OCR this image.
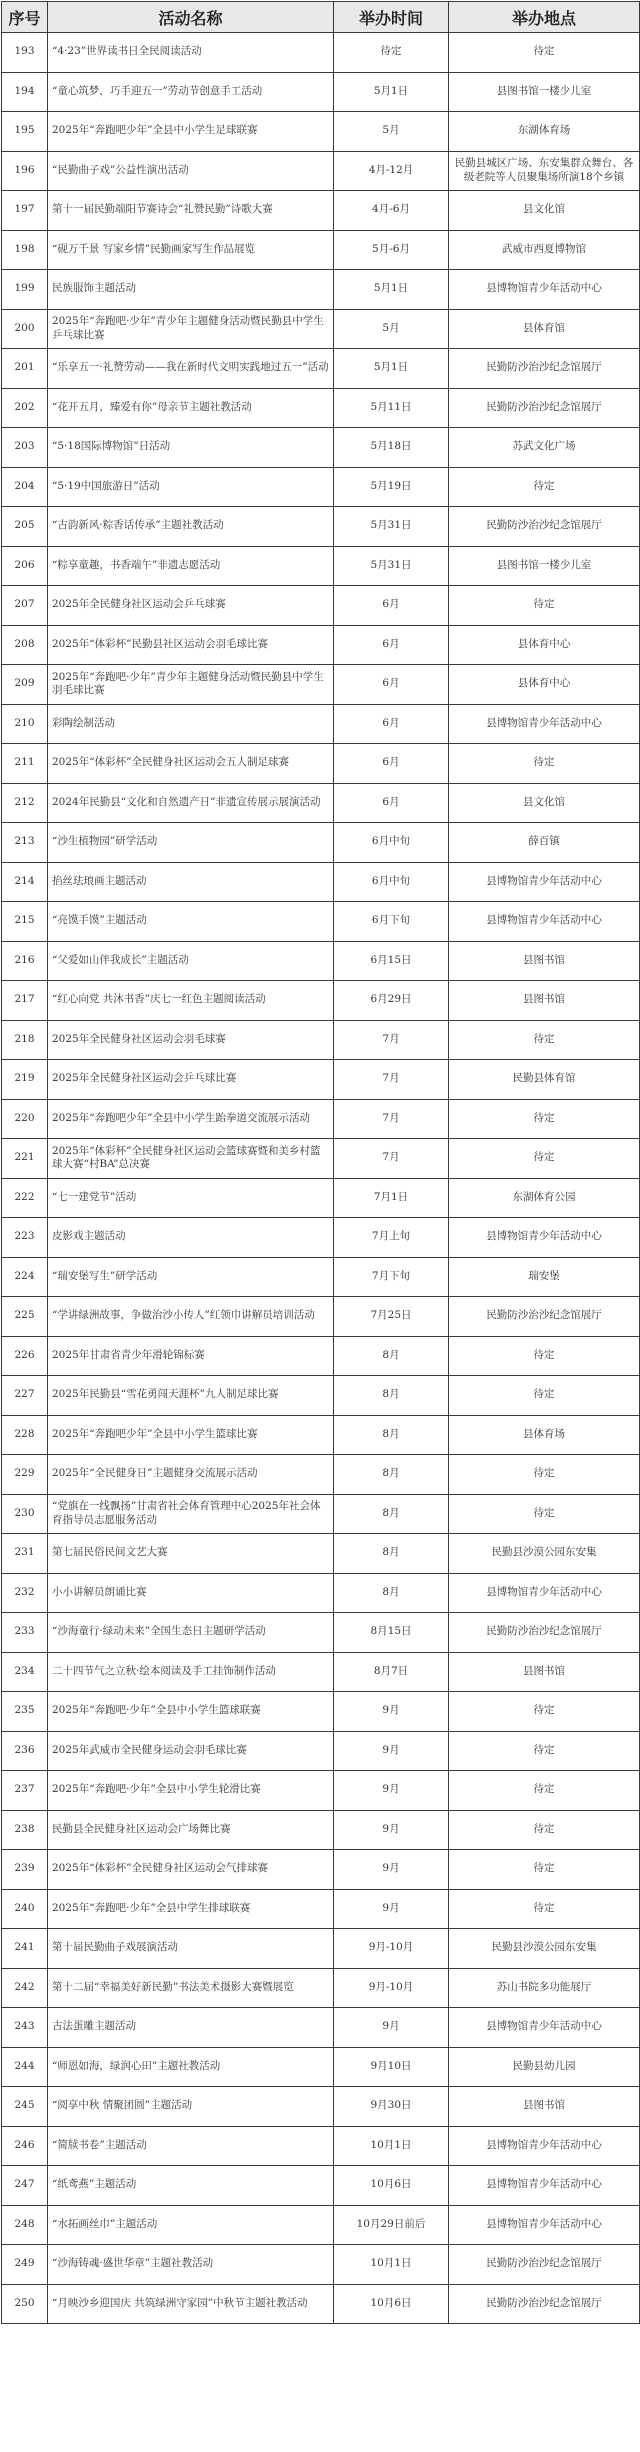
序号	活动名称	举办时间	举办地点
193	“4·23”世界读书日全民阅读活动	待定	待定
194	“童心筑梦，巧手迎五一”劳动节创意手工活动	5月1日	县图书馆一楼少儿室
195	2025年“奔跑吧少年”全县中小学生足球联赛	5月	东湖体育场
196	“民勤曲子戏”公益性演出活动	4月-12月	民勤县城区广场、东安集群众舞台、各级老院等人员聚集场所演18个乡镇
197	第十一届民勤端阳节赛诗会“礼赞民勤”诗歌大赛	4月-6月	县文化馆
198	“砚万千景 写家乡情”民勤画家写生作品展览	5月-6月	武威市西夏博物馆
199	民族服饰主题活动	5月1日	县博物馆青少年活动中心
200	2025年“奔跑吧·少年”青少年主题健身活动暨民勤县中学生乒乓球比赛	5月	县体育馆
201	“乐享五一·礼赞劳动——我在新时代文明实践地过五一”活动	5月1日	民勤防沙治沙纪念馆展厅
202	“花开五月，臻爱有你”母亲节主题社教活动	5月11日	民勤防沙治沙纪念馆展厅
203	“5·18国际博物馆”日活动	5月18日	苏武文化广场
204	“5·19中国旅游日”活动	5月19日	待定
205	“古韵新风·粽香话传承”主题社教活动	5月31日	民勤防沙治沙纪念馆展厅
206	“粽享童趣，书香端午”非遗志愿活动	5月31日	县图书馆一楼少儿室
207	2025年全民健身社区运动会乒乓球赛	6月	待定
208	2025年“体彩杯”民勤县社区运动会羽毛球比赛	6月	县体育中心
209	2025年“奔跑吧·少年”青少年主题健身活动暨民勤县中学生羽毛球比赛	6月	县体育中心
210	彩陶绘制活动	6月	县博物馆青少年活动中心
211	2025年“体彩杯”全民健身社区运动会五人制足球赛	6月	待定
212	2024年民勤县“文化和自然遗产日”非遗宣传展示展演活动	6月	县文化馆
213	“沙生植物园”研学活动	6月中旬	薛百镇
214	掐丝珐琅画主题活动	6月中旬	县博物馆青少年活动中心
215	“亮馍手馍”主题活动	6月下旬	县博物馆青少年活动中心
216	“父爱如山伴我成长”主题活动	6月15日	县图书馆
217	“红心向党 共沐书香”庆七一红色主题阅读活动	6月29日	县图书馆
218	2025年全民健身社区运动会羽毛球赛	7月	待定
219	2025年全民健身社区运动会乒乓球比赛	7月	民勤县体育馆
220	2025年“奔跑吧少年”全县中小学生跆拳道交流展示活动	7月	待定
221	2025年“体彩杯”全民健身社区运动会篮球赛暨和美乡村篮球大赛“村BA”总决赛	7月	待定
222	“七一建党节”活动	7月1日	东湖体育公园
223	皮影戏主题活动	7月上旬	县博物馆青少年活动中心
224	“瑞安堡写生”研学活动	7月下旬	瑞安堡
225	“学讲绿洲故事，争做治沙小传人”红领巾讲解员培训活动	7月25日	民勤防沙治沙纪念馆展厅
226	2025年甘肃省青少年滑轮锦标赛	8月	待定
227	2025年民勤县“雪花勇闯天涯杯”九人制足球比赛	8月	待定
228	2025年“奔跑吧少年”全县中小学生篮球比赛	8月	县体育场
229	2025年“全民健身日”主题健身交流展示活动	8月	待定
230	“党旗在一线飘扬”甘肃省社会体育管理中心2025年社会体育指导员志愿服务活动	8月	待定
231	第七届民俗民间文艺大赛	8月	民勤县沙漠公园东安集
232	小小讲解员朗诵比赛	8月	县博物馆青少年活动中心
233	“沙海童行·绿动未来”全国生态日主题研学活动	8月15日	民勤防沙治沙纪念馆展厅
234	二十四节气之立秋·绘本阅读及手工挂饰制作活动	8月7日	县图书馆
235	2025年“奔跑吧·少年”全县中小学生篮球联赛	9月	待定
236	2025年武威市全民健身运动会羽毛球比赛	9月	待定
237	2025年“奔跑吧·少年”全县中小学生轮滑比赛	9月	待定
238	民勤县全民健身社区运动会广场舞比赛	9月	待定
239	2025年“体彩杯”全民健身社区运动会气排球赛	9月	待定
240	2025年“奔跑吧·少年”全县中学生排球联赛	9月	待定
241	第十届民勤曲子戏展演活动	9月-10月	民勤县沙漠公园东安集
242	第十二届“幸福美好新民勤”书法美术摄影大赛暨展览	9月-10月	苏山书院多功能展厅
243	古法蛋雕主题活动	9月	县博物馆青少年活动中心
244	“师恩如海，绿润心田”主题社教活动	9月10日	民勤县幼儿园
245	“阅享中秋 情聚团圆”主题活动	9月30日	县图书馆
246	“简牍书卷”主题活动	10月1日	县博物馆青少年活动中心
247	“纸鸢燕”主题活动	10月6日	县博物馆青少年活动中心
248	“水拓画丝巾”主题活动	10月29日前后	县博物馆青少年活动中心
249	“沙海铸魂·盛世华章”主题社教活动	10月1日	民勤防沙治沙纪念馆展厅
250	“月映沙乡迎国庆 共筑绿洲守家园”中秋节主题社教活动	10月6日	民勤防沙治沙纪念馆展厅
